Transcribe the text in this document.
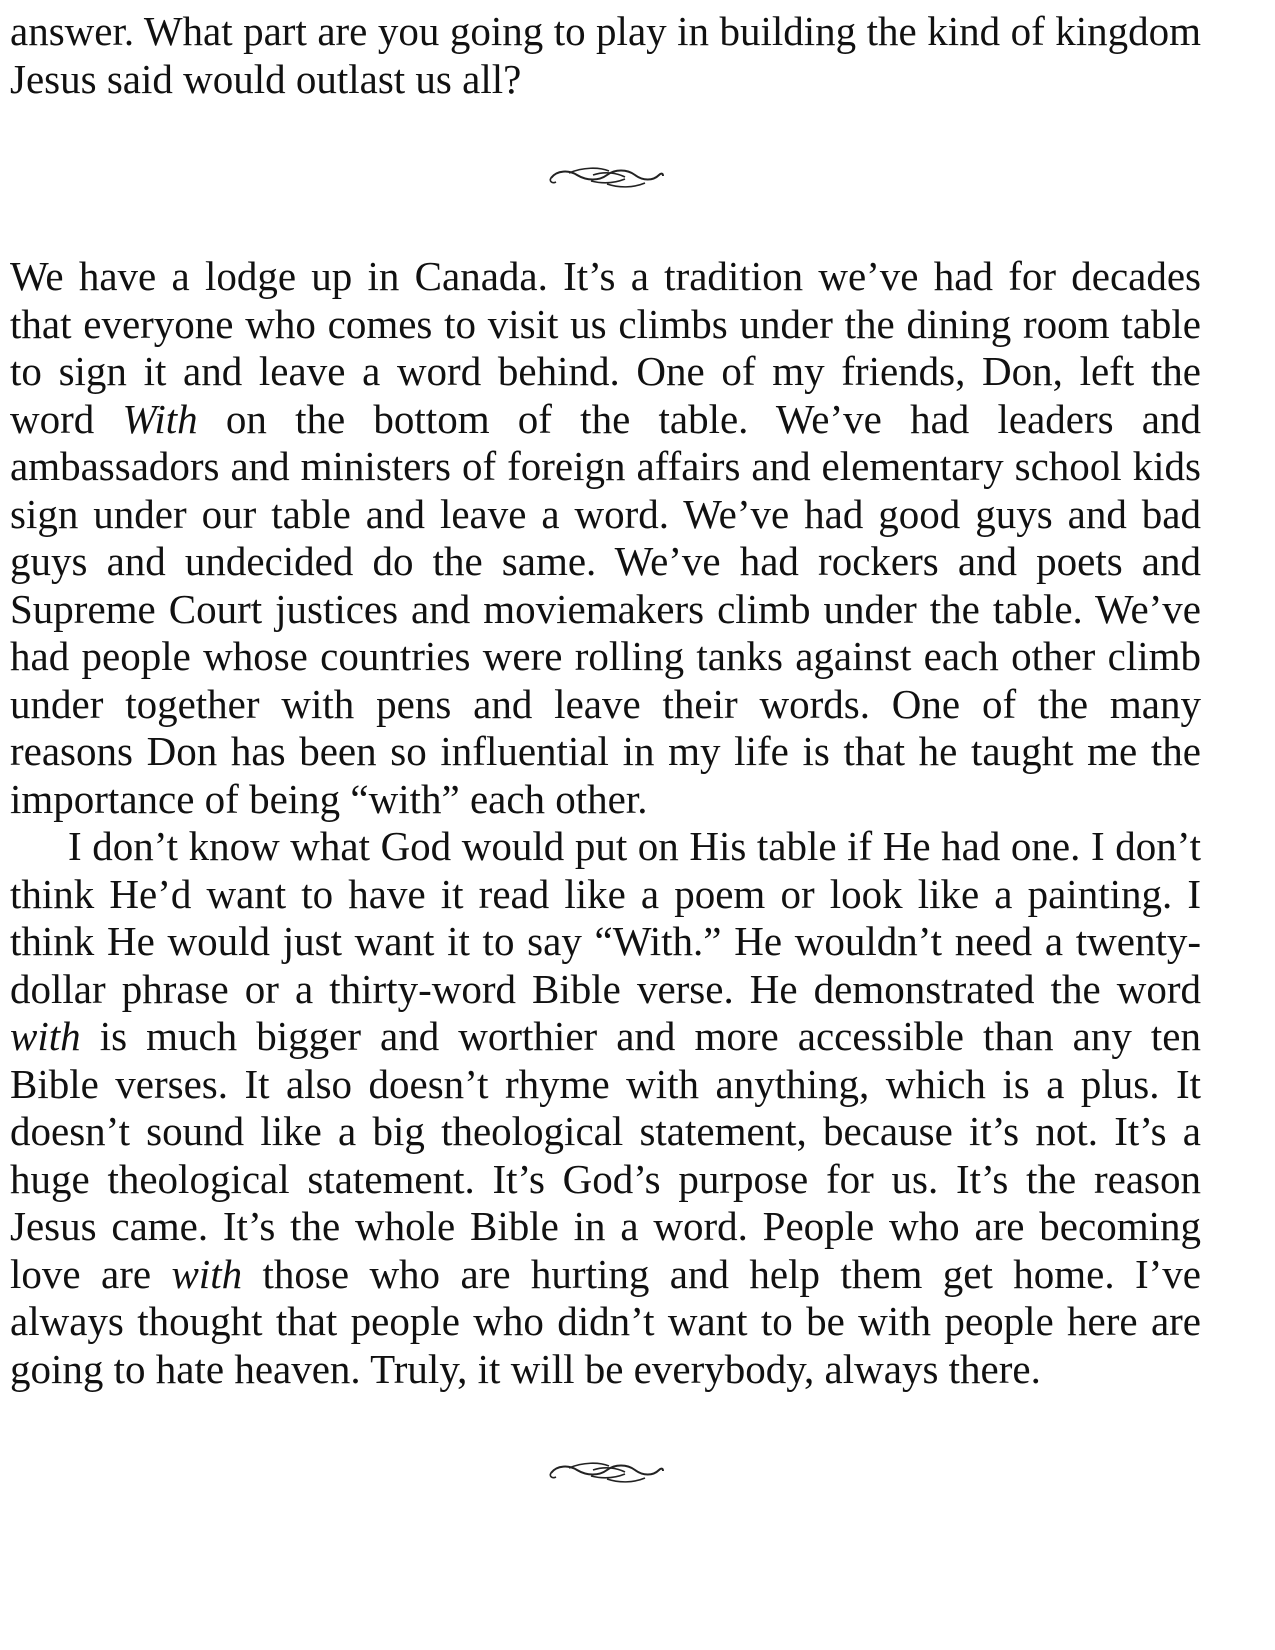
answer. What part are you going to play in building the kind of kingdom Jesus said would outlast us all?

We have a lodge up in Canada. It’s a tradition we’ve had for decades that everyone who comes to visit us climbs under the dining room table to sign it and leave a word behind. One of my friends, Don, left the word With on the bottom of the table. We’ve had leaders and ambassadors and ministers of foreign affairs and elementary school kids sign under our table and leave a word. We’ve had good guys and bad guys and undecided do the same. We’ve had rockers and poets and Supreme Court justices and moviemakers climb under the table. We’ve had people whose countries were rolling tanks against each other climb under together with pens and leave their words. One of the many reasons Don has been so influential in my life is that he taught me the importance of being “with” each other.

I don’t know what God would put on His table if He had one. I don’t think He’d want to have it read like a poem or look like a painting. I think He would just want it to say “With.” He wouldn’t need a twenty-dollar phrase or a thirty-word Bible verse. He demonstrated the word with is much bigger and worthier and more accessible than any ten Bible verses. It also doesn’t rhyme with anything, which is a plus. It doesn’t sound like a big theological statement, because it’s not. It’s a huge theological statement. It’s God’s purpose for us. It’s the reason Jesus came. It’s the whole Bible in a word. People who are becoming love are with those who are hurting and help them get home. I’ve always thought that people who didn’t want to be with people here are going to hate heaven. Truly, it will be everybody, always there.
